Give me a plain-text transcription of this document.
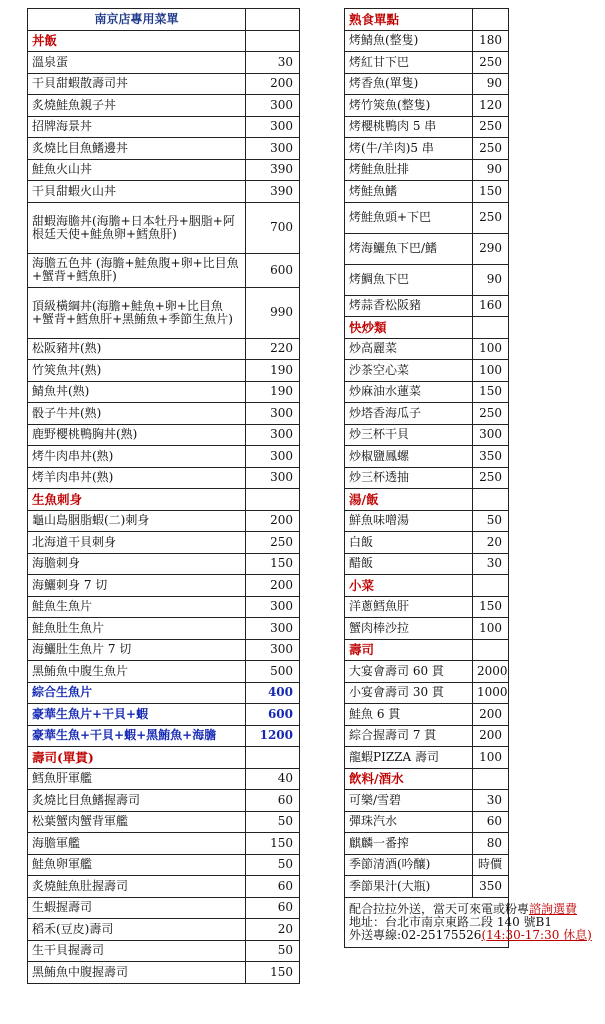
南京店專用菜單	
丼飯	
溫泉蛋	30
干貝甜蝦散壽司丼	200
炙燒鮭魚親子丼	300
招牌海景丼	300
炙燒比目魚鰭邊丼	300
鮭魚火山丼	390
干貝甜蝦火山丼	390
甜蝦海膽丼(海膽+日本牡丹+胭脂+阿根廷天使+鮭魚卵+鱈魚肝)	700
海膽五色丼 (海膽+鮭魚腹+卵+比目魚+蟹背+鱈魚肝)	600
頂級橫綱丼(海膽+鮭魚+卵+比目魚+蟹背+鱈魚肝+黑鮪魚+季節生魚片)	990
松阪豬丼(熟)	220
竹筴魚丼(熟)	190
鯖魚丼(熟)	190
骰子牛丼(熟)	300
鹿野櫻桃鴨胸丼(熟)	300
烤牛肉串丼(熟)	300
烤羊肉串丼(熟)	300
生魚刺身	
龜山島胭脂蝦(二)刺身	200
北海道干貝刺身	250
海膽刺身	150
海鱺刺身 7 切	200
鮭魚生魚片	300
鮭魚肚生魚片	300
海鱺肚生魚片 7 切	300
黑鮪魚中腹生魚片	500
綜合生魚片	400
豪華生魚片+干貝+蝦	600
豪華生魚+干貝+蝦+黑鮪魚+海膽	1200
壽司(單貫)	
鱈魚肝軍艦	40
炙燒比目魚鰭握壽司	60
松葉蟹肉蟹背軍艦	50
海膽軍艦	150
鮭魚卵軍艦	50
炙燒鮭魚肚握壽司	60
生蝦握壽司	60
稻禾(豆皮)壽司	20
生干貝握壽司	50
黑鮪魚中腹握壽司	150
熟食單點	
烤鯖魚(整隻)	180
烤紅甘下巴	250
烤香魚(單隻)	90
烤竹筴魚(整隻)	120
烤櫻桃鴨肉 5 串	250
烤(牛/羊肉)5 串	250
烤鮭魚肚排	90
烤鮭魚鰭	150
烤鮭魚頭+下巴	250
烤海鱺魚下巴/鰭	290
烤鯛魚下巴	90
烤蒜香松阪豬	160
快炒類	
炒高麗菜	100
沙茶空心菜	100
炒麻油水蓮菜	150
炒塔香海瓜子	250
炒三杯干貝	300
炒椒鹽鳳螺	350
炒三杯透抽	250
湯/飯	
鮮魚味噌湯	50
白飯	20
醋飯	30
小菜	
洋蔥鱈魚肝	150
蟹肉棒沙拉	100
壽司	
大宴會壽司 60 貫	2000
小宴會壽司 30 貫	1000
鮭魚 6 貫	200
綜合握壽司 7 貫	200
龍蝦PIZZA 壽司	100
飲料/酒水	
可樂/雪碧	30
彈珠汽水	60
麒麟一番搾	80
季節清酒(吟釀)	時價
季節果汁(大瓶)	350
配合拉拉外送，當天可來電或粉專諮詢選費
地址：台北市南京東路二段 140 號B1
外送專線:02-25175526(14:30-17:30 休息)	
